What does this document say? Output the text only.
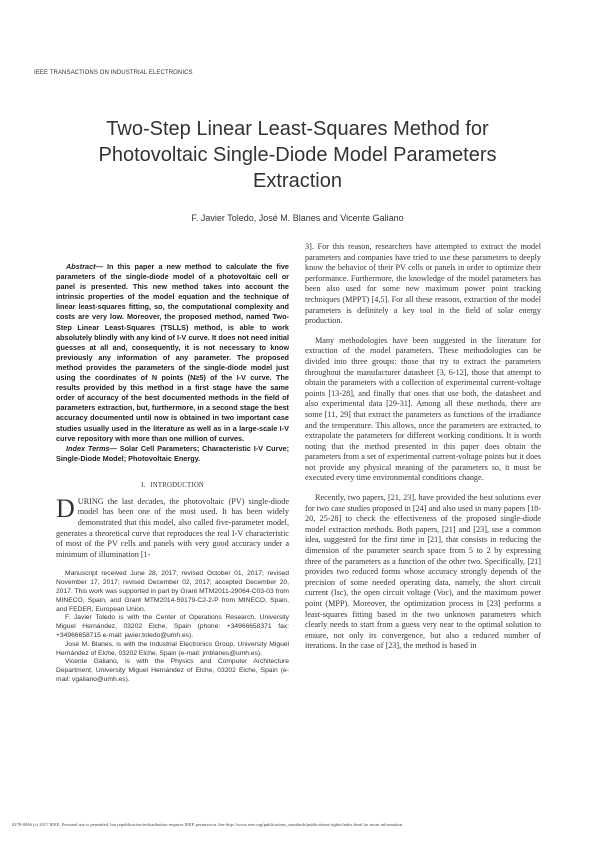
IEEE TRANSACTIONS ON INDUSTRIAL ELECTRONICS
Two-Step Linear Least-Squares Method for Photovoltaic Single-Diode Model Parameters Extraction
F. Javier Toledo, José M. Blanes and Vicente Galiano

Abstract— In this paper a new method to calculate the five parameters of the single-diode model of a photovoltaic cell or panel is presented. This new method takes into account the intrinsic properties of the model equation and the technique of linear least-squares fitting, so, the computational complexity and costs are very low. Moreover, the proposed method, named Two-Step Linear Least-Squares (TSLLS) method, is able to work absolutely blindly with any kind of I-V curve. It does not need initial guesses at all and, consequently, it is not necessary to know previously any information of any parameter. The proposed method provides the parameters of the single-diode model just using the coordinates of N points (N≥5) of the I-V curve. The results provided by this method in a first stage have the same order of accuracy of the best documented methods in the field of parameters extraction, but, furthermore, in a second stage the best accuracy documented until now is obtained in two important case studies usually used in the literature as well as in a large-scale I-V curve repository with more than one million of curves.

Index Terms— Solar Cell Parameters; Characteristic I-V Curve; Single-Diode Model; Photovoltaic Energy.

I. INTRODUCTION

DURING the last decades, the photovoltaic (PV) single-diode model has been one of the most used. It has been widely demonstrated that this model, also called five-parameter model, generates a theoretical curve that reproduces the real I-V characteristic of most of the PV cells and panels with very good accuracy under a minimum of illumination [1-

Manuscript received June 28, 2017; revised October 01, 2017; revised November 17, 2017; revised December 02, 2017; accepted December 20, 2017. This work was supported in part by Grant MTM2011-29064-C03-03 from MINECO, Spain, and Grant MTM2014-59179-C2-2-P from MINECO, Spain, and FEDER, European Union.

F. Javier Toledo is with the Center of Operations Research, University Miguel Hernández, 03202 Elche, Spain (phone: +34966658371 fax: +34966658715 e-mail: javier.toledo@umh.es).

José M. Blanes, is with the Industrial Electronics Group, University Miguel Hernández of Elche, 03202 Elche, Spain (e-mail: jmblanes@umh.es).

Vicente Galiano, is with the Physics and Computer Architecture Department, University Miguel Hernández of Elche, 03202 Elche, Spain (e-mail: vgaliano@umh.es).

3]. For this reason, researchers have attempted to extract the model parameters and companies have tried to use these parameters to deeply know the behavior of their PV cells or panels in order to optimize their performance. Furthermore, the knowledge of the model parameters has been also used for some new maximum power point tracking techniques (MPPT) [4,5]. For all these reasons, extraction of the model parameters is definitely a key tool in the field of solar energy production.

Many methodologies have been suggested in the literature for extraction of the model parameters. These methodologies can be divided into three groups: those that try to extract the parameters throughout the manufacturer datasheet [3, 6-12], those that attempt to obtain the parameters with a collection of experimental current-voltage points [13-28], and finally that ones that use both, the datasheet and also experimental data [29-31]. Among all these methods, there are some [11, 29] that extract the parameters as functions of the irradiance and the temperature. This allows, once the parameters are extracted, to extrapolate the parameters for different working conditions. It is worth noting that the method presented in this paper does obtain the parameters from a set of experimental current-voltage points but it does not provide any physical meaning of the parameters so, it must be executed every time environmental conditions change.

Recently, two papers, [21, 23], have provided the best solutions ever for two case studies proposed in [24] and also used in many papers [18-20, 25-28] to check the effectiveness of the proposed single-diode model extraction methods. Both papers, [21] and [23], use a common idea, suggested for the first time in [21], that consists in reducing the dimension of the parameter search space from 5 to 2 by expressing three of the parameters as a function of the other two. Specifically, [21] provides two reduced forms whose accuracy strongly depends of the precision of some needed operating data, namely, the short circuit current (Isc), the open circuit voltage (Voc), and the maximum power point (MPP). Moreover, the optimization process in [23] performs a least-squares fitting based in the two unknown parameters which clearly needs to start from a guess very near to the optimal solution to ensure, not only its convergence, but also a reduced number of iterations. In the case of [23], the method is based in

0278-0046 (c) 2017 IEEE. Personal use is permitted, but republication/redistribution requires IEEE permission. See http://www.ieee.org/publications_standards/publications/rights/index.html for more information.
